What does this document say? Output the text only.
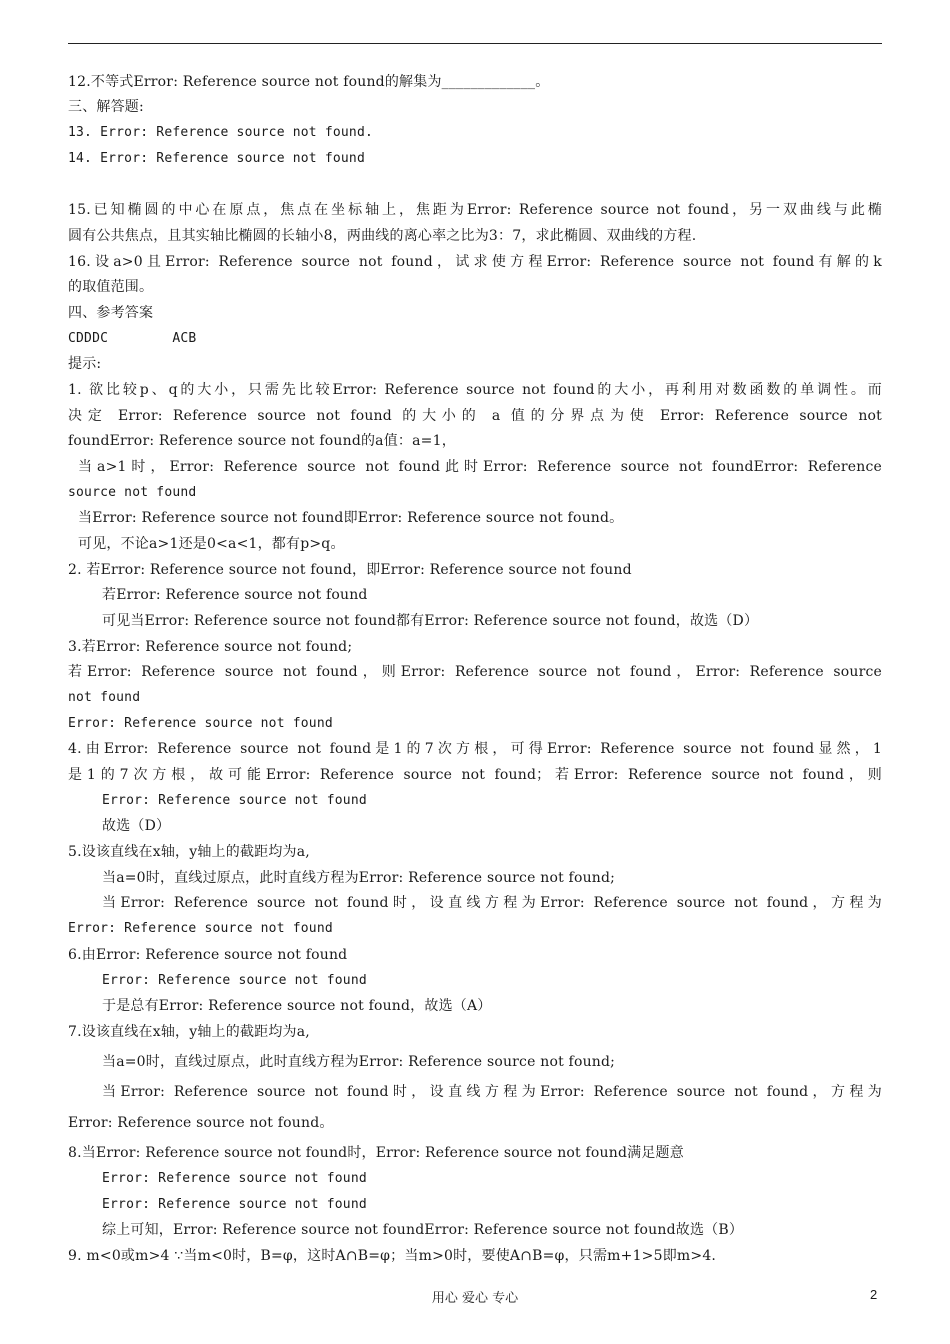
12.不等式Error: Reference source not found的解集为_____________。
三、解答题:
13. Error: Reference source not found.
14. Error: Reference source not found
15.已知椭圆的中心在原点，焦点在坐标轴上，焦距为Error: Reference source not found，另一双曲线与此椭
圆有公共焦点，且其实轴比椭圆的长轴小8，两曲线的离心率之比为3：7，求此椭圆、双曲线的方程.
16.设a>0且Error: Reference source not found，试求使方程Error: Reference source not found有解的k
的取值范围。
四、参考答案
CDDDC        ACB
提示:
1. 欲比较p、q的大小，只需先比较Error: Reference source not found的大小，再利用对数函数的单调性。而
决定 Error: Reference source not found 的大小的 a 值的分界点为使 Error: Reference source not
foundError: Reference source not found的a值：a=1，
当a>1时，Error: Reference source not found此时Error: Reference source not foundError: Reference
source not found
当Error: Reference source not found即Error: Reference source not found。
可见，不论a>1还是0<a<1，都有p>q。
2. 若Error: Reference source not found，即Error: Reference source not found
若Error: Reference source not found
可见当Error: Reference source not found都有Error: Reference source not found，故选（D）
3.若Error: Reference source not found;
若Error: Reference source not found，则Error: Reference source not found，Error: Reference source
not found
Error: Reference source not found
4.由Error: Reference source not found是1的7次方根，可得Error: Reference source not found显然，1
是1的7次方根，故可能Error: Reference source not found；若Error: Reference source not found，则
Error: Reference source not found
故选（D）
5.设该直线在x轴，y轴上的截距均为a,
当a=0时，直线过原点，此时直线方程为Error: Reference source not found;
当Error: Reference source not found时，设直线方程为Error: Reference source not found，方程为
Error: Reference source not found
6.由Error: Reference source not found
Error: Reference source not found
于是总有Error: Reference source not found，故选（A）
7.设该直线在x轴，y轴上的截距均为a,
当a=0时，直线过原点，此时直线方程为Error: Reference source not found;
当Error: Reference source not found时，设直线方程为Error: Reference source not found，方程为
Error: Reference source not found。
8.当Error: Reference source not found时，Error: Reference source not found满足题意
Error: Reference source not found
Error: Reference source not found
综上可知，Error: Reference source not foundError: Reference source not found故选（B）
9. m<0或m>4 ∵当m<0时，B=φ，这时A∩B=φ；当m>0时，要使A∩B=φ，只需m+1>5即m>4.
用心 爱心 专心	2
